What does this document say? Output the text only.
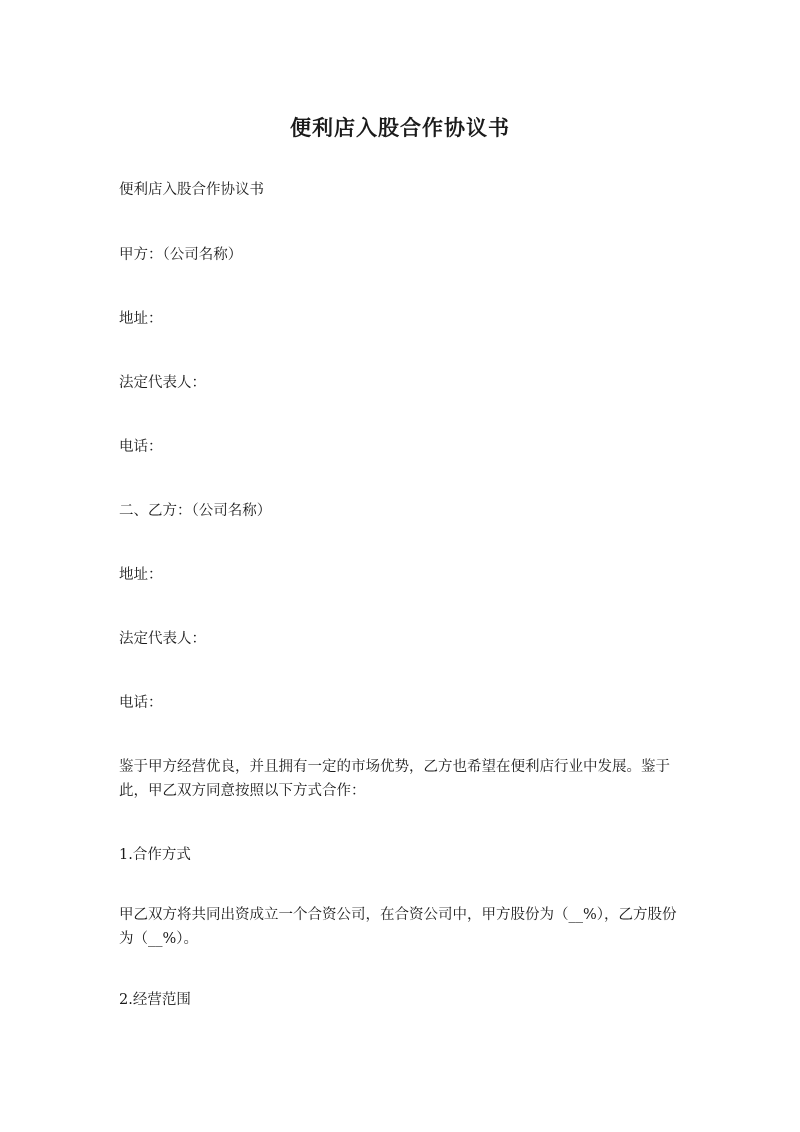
便利店入股合作协议书
便利店入股合作协议书
甲方：（公司名称）
地址：
法定代表人：
电话：
二、乙方：（公司名称）
地址：
法定代表人：
电话：
鉴于甲方经营优良，并且拥有一定的市场优势，乙方也希望在便利店行业中发展。鉴于此，甲乙双方同意按照以下方式合作：
1.合作方式
甲乙双方将共同出资成立一个合资公司，在合资公司中，甲方股份为（__%），乙方股份为（__%）。
2.经营范围
